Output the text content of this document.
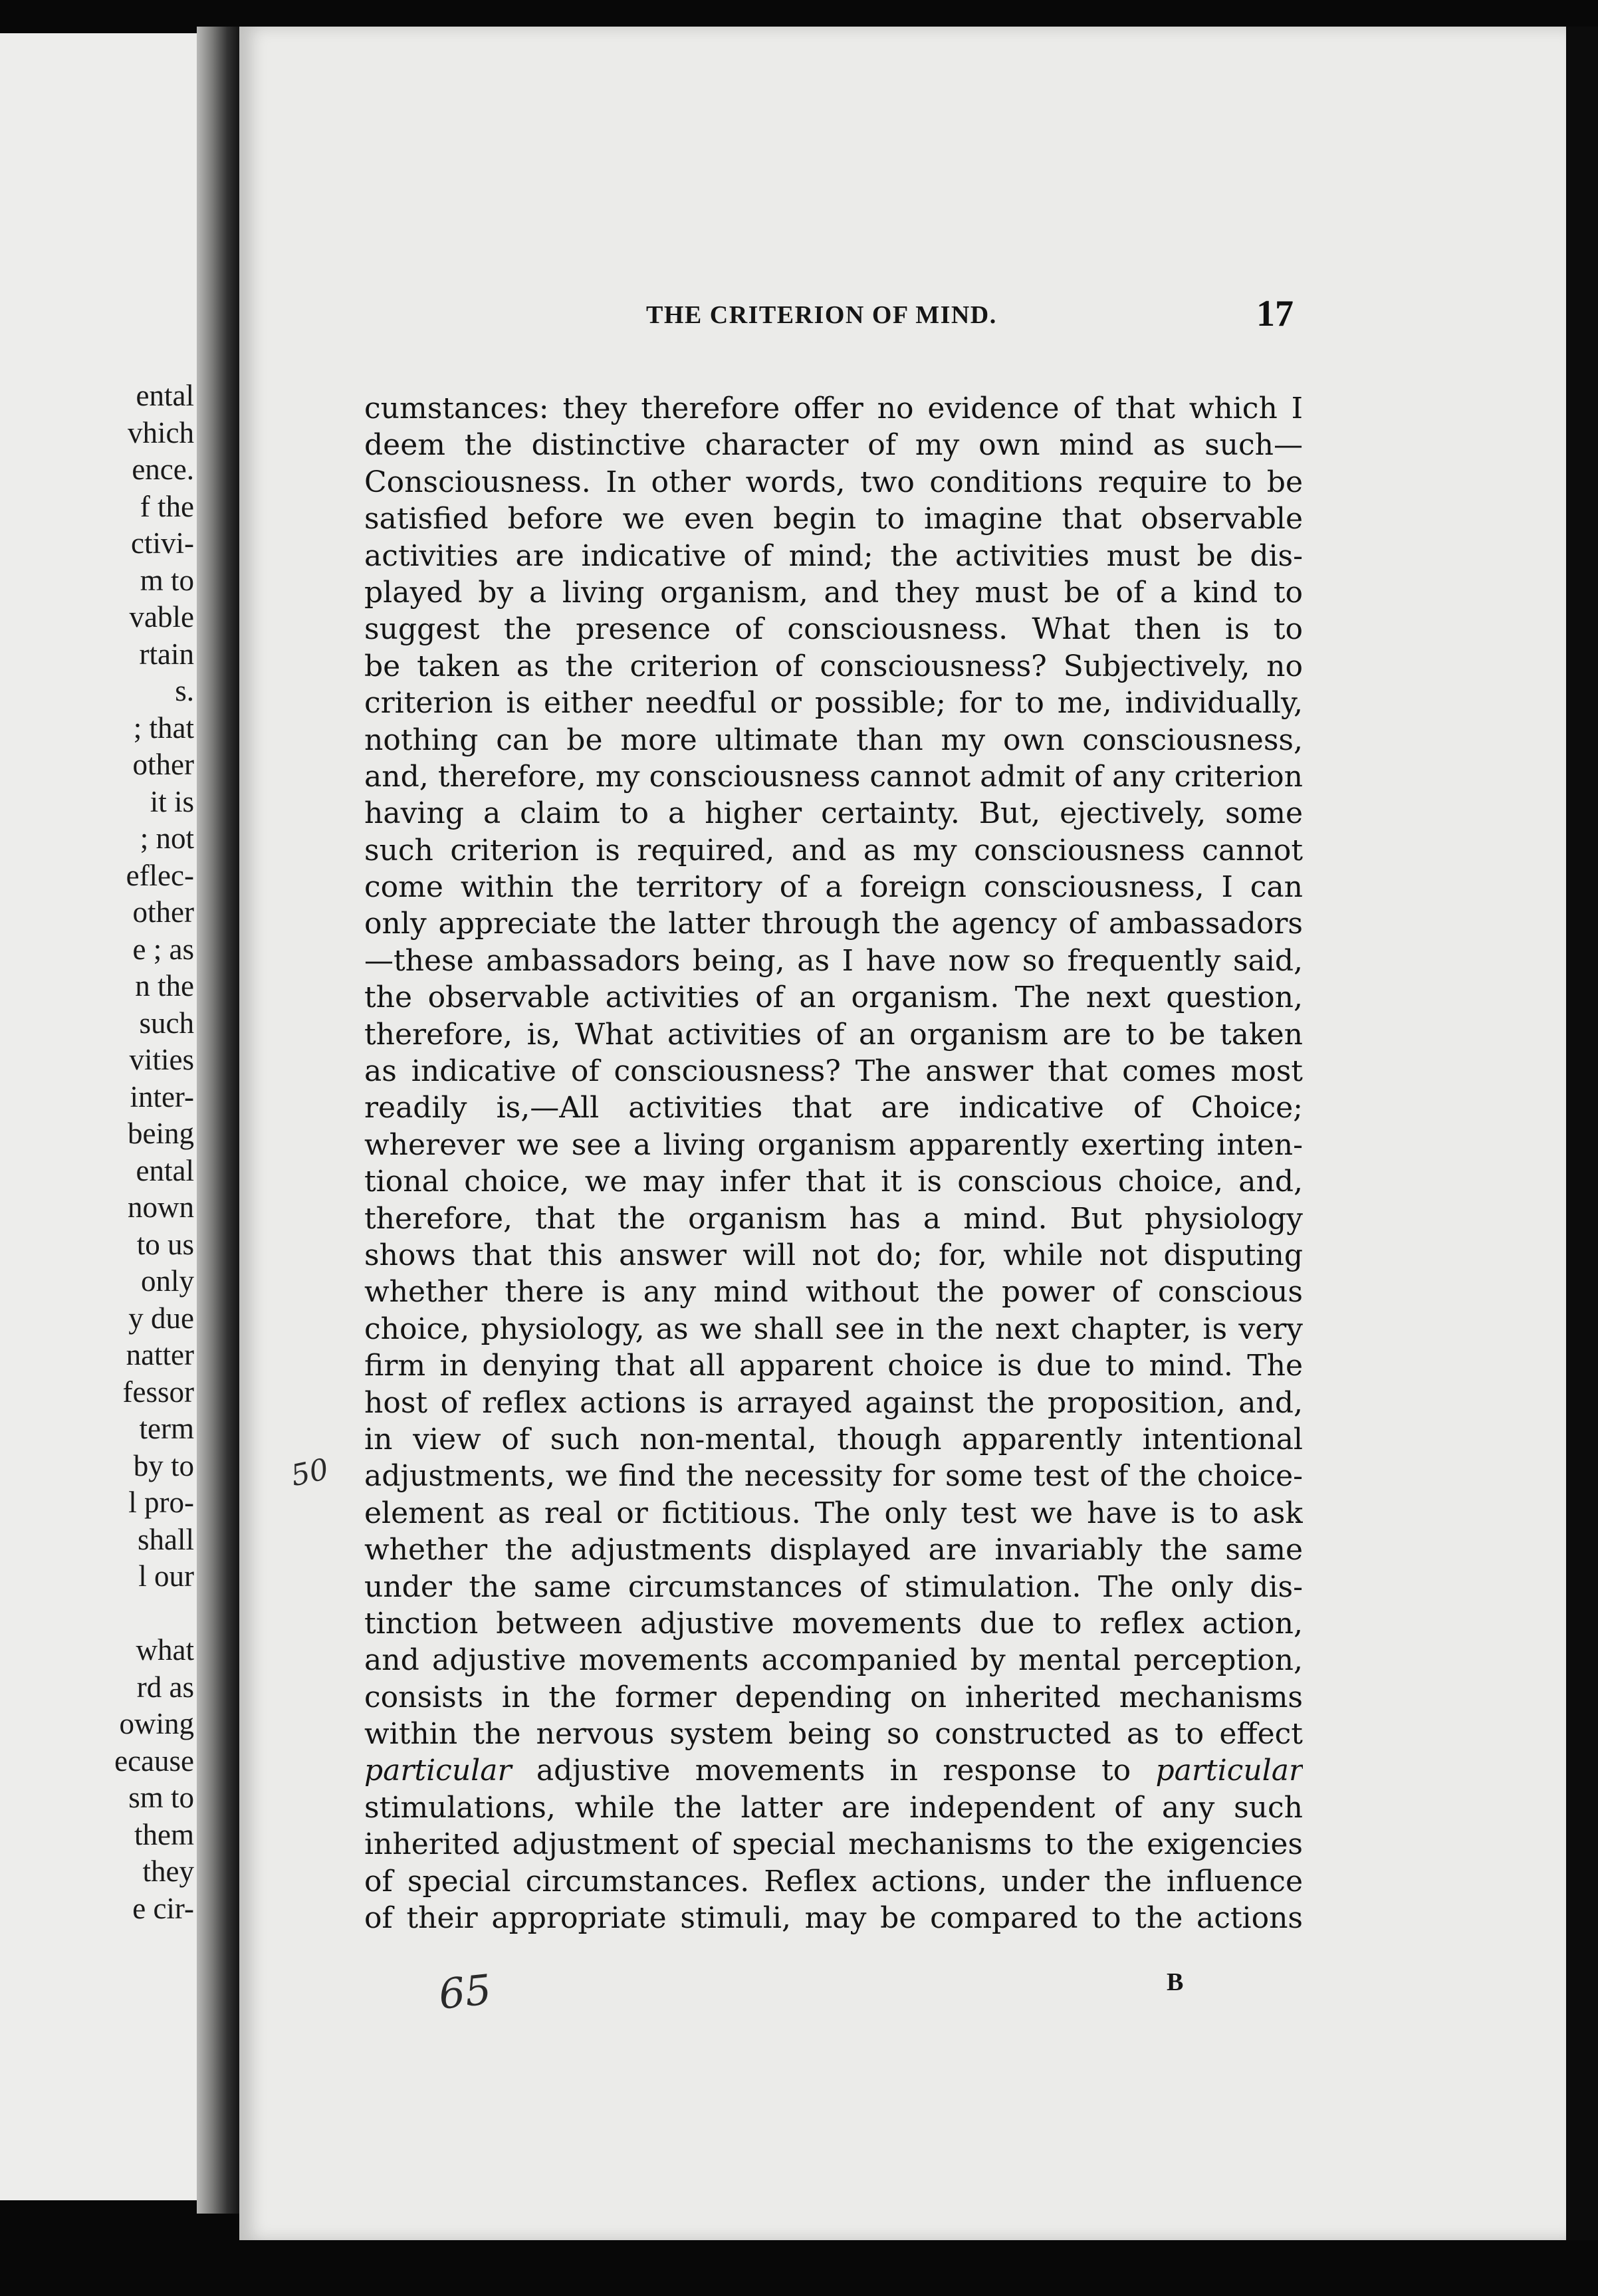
ental
vhich
ence.
f the
ctivi-
m to
vable
rtain
s.
; that
other
it is
; not
eflec-
other
e ; as
n the
such
vities
inter-
being
ental
nown
to us
only
y due
natter
fessor
term
by to
l pro-
shall
l our
what
rd as
owing
ecause
sm to
them
they
e cir-
THE CRITERION OF MIND.	17
50
cumstances: they therefore offer no evidence of that which I
deem the distinctive character of my own mind as such—
Consciousness. In other words, two conditions require to be
satisfied before we even begin to imagine that observable
activities are indicative of mind; the activities must be dis-
played by a living organism, and they must be of a kind to
suggest the presence of consciousness. What then is to
be taken as the criterion of consciousness? Subjectively, no
criterion is either needful or possible; for to me, individually,
nothing can be more ultimate than my own consciousness,
and, therefore, my consciousness cannot admit of any criterion
having a claim to a higher certainty. But, ejectively, some
such criterion is required, and as my consciousness cannot
come within the territory of a foreign consciousness, I can
only appreciate the latter through the agency of ambassadors
—these ambassadors being, as I have now so frequently said,
the observable activities of an organism. The next question,
therefore, is, What activities of an organism are to be taken
as indicative of consciousness? The answer that comes most
readily is,—All activities that are indicative of Choice;
wherever we see a living organism apparently exerting inten-
tional choice, we may infer that it is conscious choice, and,
therefore, that the organism has a mind. But physiology
shows that this answer will not do; for, while not disputing
whether there is any mind without the power of conscious
choice, physiology, as we shall see in the next chapter, is very
firm in denying that all apparent choice is due to mind. The
host of reflex actions is arrayed against the proposition, and,
in view of such non-mental, though apparently intentional
adjustments, we find the necessity for some test of the choice-
element as real or fictitious. The only test we have is to ask
whether the adjustments displayed are invariably the same
under the same circumstances of stimulation. The only dis-
tinction between adjustive movements due to reflex action,
and adjustive movements accompanied by mental perception,
consists in the former depending on inherited mechanisms
within the nervous system being so constructed as to effect
particular adjustive movements in response to particular
stimulations, while the latter are independent of any such
inherited adjustment of special mechanisms to the exigencies
of special circumstances. Reflex actions, under the influence
of their appropriate stimuli, may be compared to the actions
65	B
